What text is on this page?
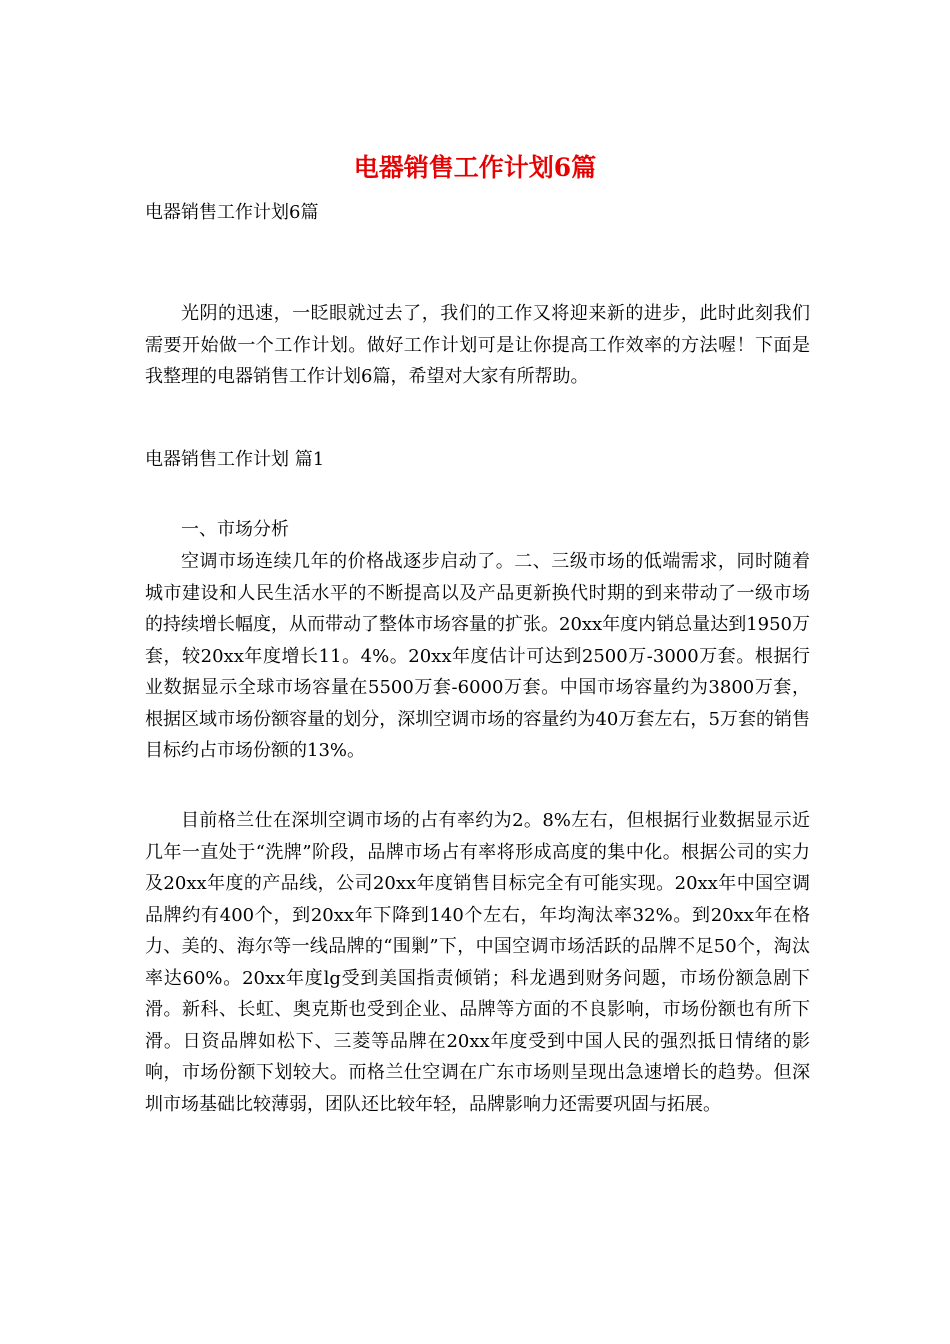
电器销售工作计划6篇

电器销售工作计划6篇

光阴的迅速，一眨眼就过去了，我们的工作又将迎来新的进步，此时此刻我们需要开始做一个工作计划。做好工作计划可是让你提高工作效率的方法喔！下面是我整理的电器销售工作计划6篇，希望对大家有所帮助。

电器销售工作计划 篇1

一、市场分析

空调市场连续几年的价格战逐步启动了。二、三级市场的低端需求，同时随着城市建设和人民生活水平的不断提高以及产品更新换代时期的到来带动了一级市场的持续增长幅度，从而带动了整体市场容量的扩张。20xx年度内销总量达到1950万套，较20xx年度增长11。4%。20xx年度估计可达到2500万-3000万套。根据行业数据显示全球市场容量在5500万套-6000万套。中国市场容量约为3800万套，根据区域市场份额容量的划分，深圳空调市场的容量约为40万套左右，5万套的销售目标约占市场份额的13%。

目前格兰仕在深圳空调市场的占有率约为2。8%左右，但根据行业数据显示近几年一直处于“洗牌”阶段，品牌市场占有率将形成高度的集中化。根据公司的实力及20xx年度的产品线，公司20xx年度销售目标完全有可能实现。20xx年中国空调品牌约有400个，到20xx年下降到140个左右，年均淘汰率32%。到20xx年在格力、美的、海尔等一线品牌的“围剿”下，中国空调市场活跃的品牌不足50个，淘汰率达60%。20xx年度lg受到美国指责倾销；科龙遇到财务问题，市场份额急剧下滑。新科、长虹、奥克斯也受到企业、品牌等方面的不良影响，市场份额也有所下滑。日资品牌如松下、三菱等品牌在20xx年度受到中国人民的强烈抵日情绪的影响，市场份额下划较大。而格兰仕空调在广东市场则呈现出急速增长的趋势。但深圳市场基础比较薄弱，团队还比较年轻，品牌影响力还需要巩固与拓展。
